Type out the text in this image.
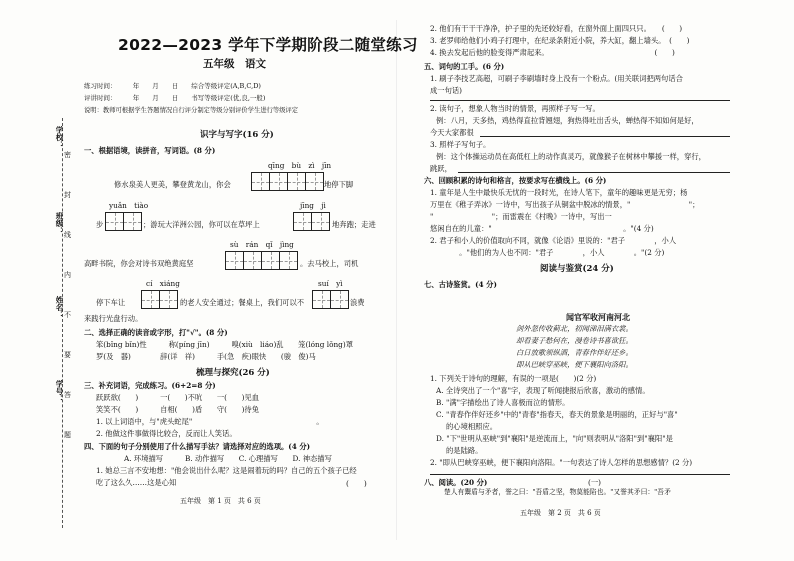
学校：
班级：
姓名：
学号：
密
封
线
内
不
要
答
题
2022—2023 学年下学期阶段二随堂练习
五年级　语文
练习时间：　　　年　　月　　日　　综合等级评定(A,B,C,D)
评讲时间：　　　年　　月　　日　　书写等级评定(优,良,一般)
说明：教师可根据学生答题情况自行评分制定等级分别评价学生进行等级评定
识字与写字(16 分)
一、根据语境，读拼音，写词语。(8 分)
qīng　bù　zì　jīn
修水泉美人更美，攀登黄龙山，你会	地停下脚
yuǎn　tiào	jīng　jì
步	；游玩大洋洲公园，你可以在草坪上	地奔跑；走进
sù　rán　qǐ　jìng
高畔书院，你会对诗书双绝黄庭坚	。去马校上，司机
cí　xiáng	suí　yì
停下车让	的老人安全通过；餐桌上，我们可以不	浪费
来践行光盘行动。
二、选择正确的读音或字形，打"√"。(8 分)
笨(bǐng bǐn)性　　　称(píng jīn)　　　嗅(xiù　liáo)乱　　笼(lóng lǒng)罩
罗(及　器)　　　　辞(详　祥)　　　手(急　疾)眼快　　(骏　俊)马
梳理与探究(26 分)
三、补充词语，完成练习。(6+2=8 分)
跃跃欲(　　)　　　一(　　)不吭　　一(　　)见血
笑笑不(　　)　　　自相(　　)盾　　守(　　)待兔
1. 以上词语中，与"虎头蛇尾"　　　　　　　　　　　　　　　　　。
2. 他做这件事做得比较合，反而让人笑话。
四、下面的句子分别使用了什么描写手法？请选择对应的选项。(4 分)
A. 环境描写　　　B. 动作描写　　C. 心理描写　　D. 神态描写
1. 她总三言不安地想："他会说出什么呢？这是闹着玩的吗？自己的五个孩子已经
吃了这么久……这是心知	(　　)
五年级　第 1 页　共 6 页
2. 他们有干干干净净，护子里的先还较好看，在窗外面上面四只只。　　(　　)
3. 老罗师给他们小鸡子打理中，在纪录条附近小院，养大缸，翻上墙头。　(　　)
4. 换去发起后他的脸变得严肃起来。　　　　　　　　　　　　　　　(　　)
五、词句的工手。(6 分)
1. 刷子李技艺高超，可刷子李刷墙时身上没有一个粉点。(用关联词把两句话合
成一句话)
2. 读句子，想象人物当时的情景，再照样子写一写。
例：八月，天多热，鸡热得直拉背翘翅，狗热得吐出舌头，蝉热得不知如何是好，
今天大家都很
3. 照样子写句子。
例：这个体操运动员在高低杠上的动作真灵巧，就像猴子在树林中攀援一样，穿行，
跳跃，
六、回顾积累的诗句和格言，按要求写在横线上。(6 分)
1. 童年是人生中最快乐无忧的一段时光，在诗人笔下，童年的趣味更是无穷；杨
万里在《稚子弄冰》一诗中，写出孩子从铜盆中脱冰的情景，"　　　　　　　　"；
"　　　　　　　　"；而雷震在《村晚》一诗中，写出一
悠闲自在的儿童："　　　　　　　　　　　　　　　　　　。"(4 分)
2. 君子和小人的价值取向不同，就像《论语》里说的："君子　　　　，小人
　　　　。"他们的为人也不同："君子　　　　，小人　　　　。"(2 分)
阅读与鉴赏(24 分)
七、古诗鉴赏。(4 分)
闻官军收河南河北
剑外忽传收蓟北，初闻涕泪满衣裳。
却看妻子愁何在，漫卷诗书喜欲狂。
白日放歌须纵酒，青春作伴好还乡。
即从巴峡穿巫峡，便下襄阳向洛阳。
1. 下列关于诗句的理解，有误的一项是(　　)(2 分)
A. 全诗突出了一个"喜"字，表现了听闻捷报后欣喜，激动的感情。
B. "满"字描绘出了诗人喜极而泣的情形。
C. "青春作伴好还乡"中的"青春"指春天，春天的景象是明丽的，正好与"喜"
的心境相照应。
D. "下"世明从巫峡"到"襄阳"是逆流而上，"向"则表明从"洛阳"到"襄阳"是
的是陆路。
2. "即从巴峡穿巫峡，便下襄阳向洛阳。"一句表达了诗人怎样的思想感情？(2 分)
八、阅读。(20 分)	(一)
楚人有鬻盾与矛者，誉之曰："吾盾之坚，物莫能陷也。"又誉其矛曰："吾矛
五年级　第 2 页　共 6 页
